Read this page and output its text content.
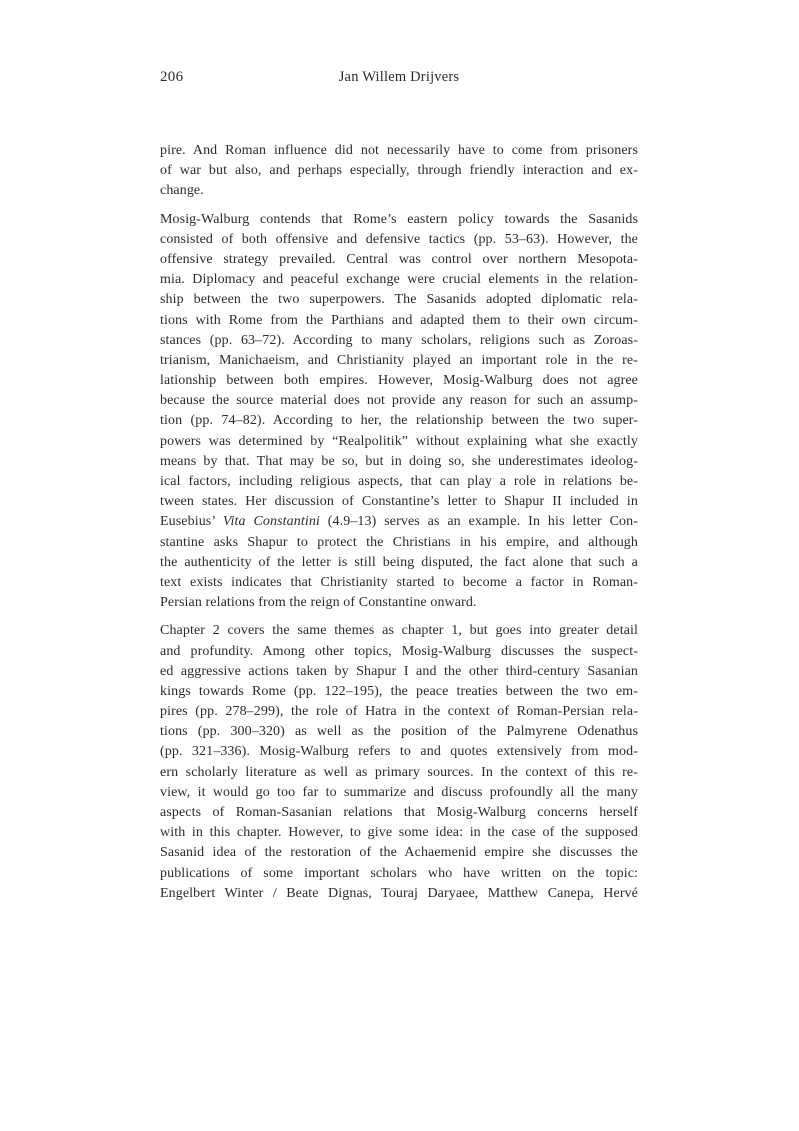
206	Jan Willem Drijvers
pire. And Roman influence did not necessarily have to come from prisoners
of war but also, and perhaps especially, through friendly interaction and ex-
change.
Mosig-Walburg contends that Rome’s eastern policy towards the Sasanids
consisted of both offensive and defensive tactics (pp. 53–63). However, the
offensive strategy prevailed. Central was control over northern Mesopota-
mia. Diplomacy and peaceful exchange were crucial elements in the relation-
ship between the two superpowers. The Sasanids adopted diplomatic rela-
tions with Rome from the Parthians and adapted them to their own circum-
stances (pp. 63–72). According to many scholars, religions such as Zoroas-
trianism, Manichaeism, and Christianity played an important role in the re-
lationship between both empires. However, Mosig-Walburg does not agree
because the source material does not provide any reason for such an assump-
tion (pp. 74–82). According to her, the relationship between the two super-
powers was determined by “Realpolitik” without explaining what she exactly
means by that. That may be so, but in doing so, she underestimates ideolog-
ical factors, including religious aspects, that can play a role in relations be-
tween states. Her discussion of Constantine’s letter to Shapur II included in
Eusebius’ Vita Constantini (4.9–13) serves as an example. In his letter Con-
stantine asks Shapur to protect the Christians in his empire, and although
the authenticity of the letter is still being disputed, the fact alone that such a
text exists indicates that Christianity started to become a factor in Roman-
Persian relations from the reign of Constantine onward.
Chapter 2 covers the same themes as chapter 1, but goes into greater detail
and profundity. Among other topics, Mosig-Walburg discusses the suspect-
ed aggressive actions taken by Shapur I and the other third-century Sasanian
kings towards Rome (pp. 122–195), the peace treaties between the two em-
pires (pp. 278–299), the role of Hatra in the context of Roman-Persian rela-
tions (pp. 300–320) as well as the position of the Palmyrene Odenathus
(pp. 321–336). Mosig-Walburg refers to and quotes extensively from mod-
ern scholarly literature as well as primary sources. In the context of this re-
view, it would go too far to summarize and discuss profoundly all the many
aspects of Roman-Sasanian relations that Mosig-Walburg concerns herself
with in this chapter. However, to give some idea: in the case of the supposed
Sasanid idea of the restoration of the Achaemenid empire she discusses the
publications of some important scholars who have written on the topic:
Engelbert Winter / Beate Dignas, Touraj Daryaee, Matthew Canepa, Hervé
